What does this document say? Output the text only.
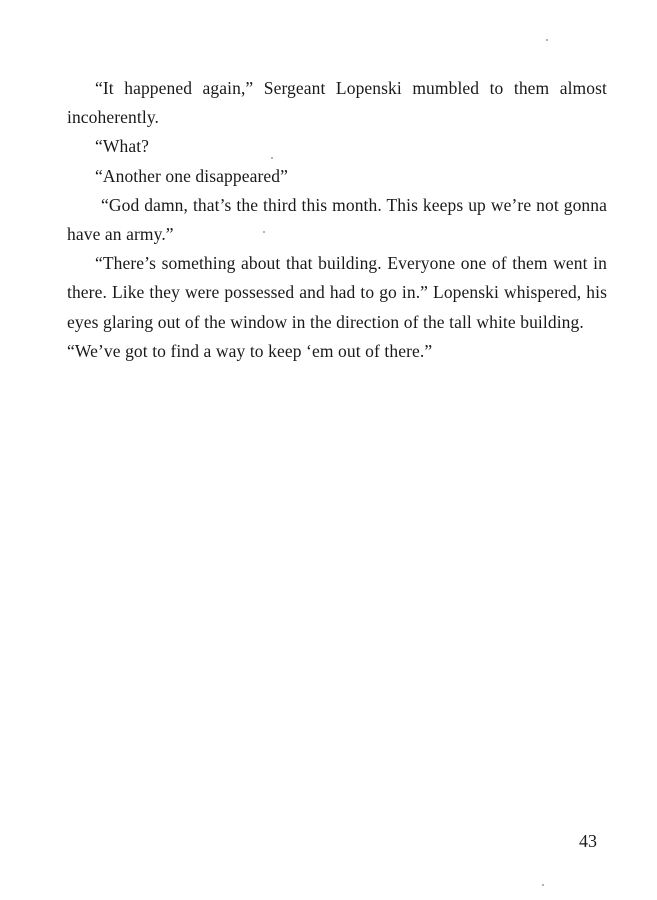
“It happened again,” Sergeant Lopenski mumbled to them almost incoherently.

“What?

“Another one disappeared”

“God damn, that’s the third this month. This keeps up we’re not gonna have an army.”

“There’s something about that building. Everyone one of them went in there. Like they were possessed and had to go in.” Lopenski whispered, his eyes glaring out of the window in the direction of the tall white building.

“We’ve got to find a way to keep ‘em out of there.”

43
